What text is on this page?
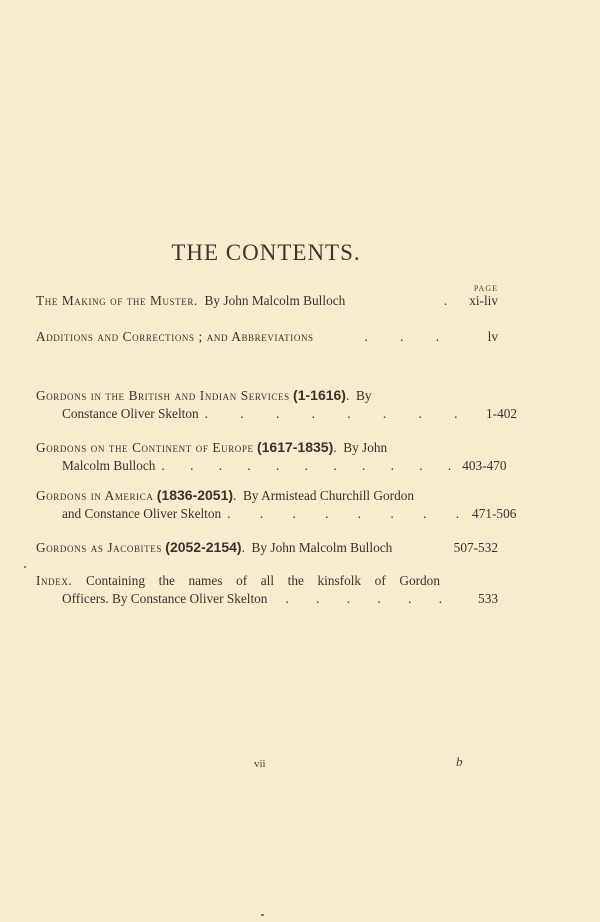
THE CONTENTS.
PAGE
The Making of the Muster.
By John Malcolm Bulloch	. xi-liv
Additions and Corrections ; and Abbreviations	. . .	lv
Gordons in the British and Indian Services
(1-1616) . By
Constance Oliver Skelton . . . . . . . . 1-402
Gordons on the Continent of Europe
(1617-1835) . By John
Malcolm Bulloch . . . . . . . . . . . 403-470
Gordons in America
(1836-2051) . By Armistead Churchill Gordon
and Constance Oliver Skelton . . . . . . . . 471-506
Gordons as Jacobites
(2052-2154) . By John Malcolm Bulloch	507-532
Index. Containing the names of all the kinsfolk of Gordon
Officers. By Constance Oliver Skelton	. . . . . . 533
vii	b
